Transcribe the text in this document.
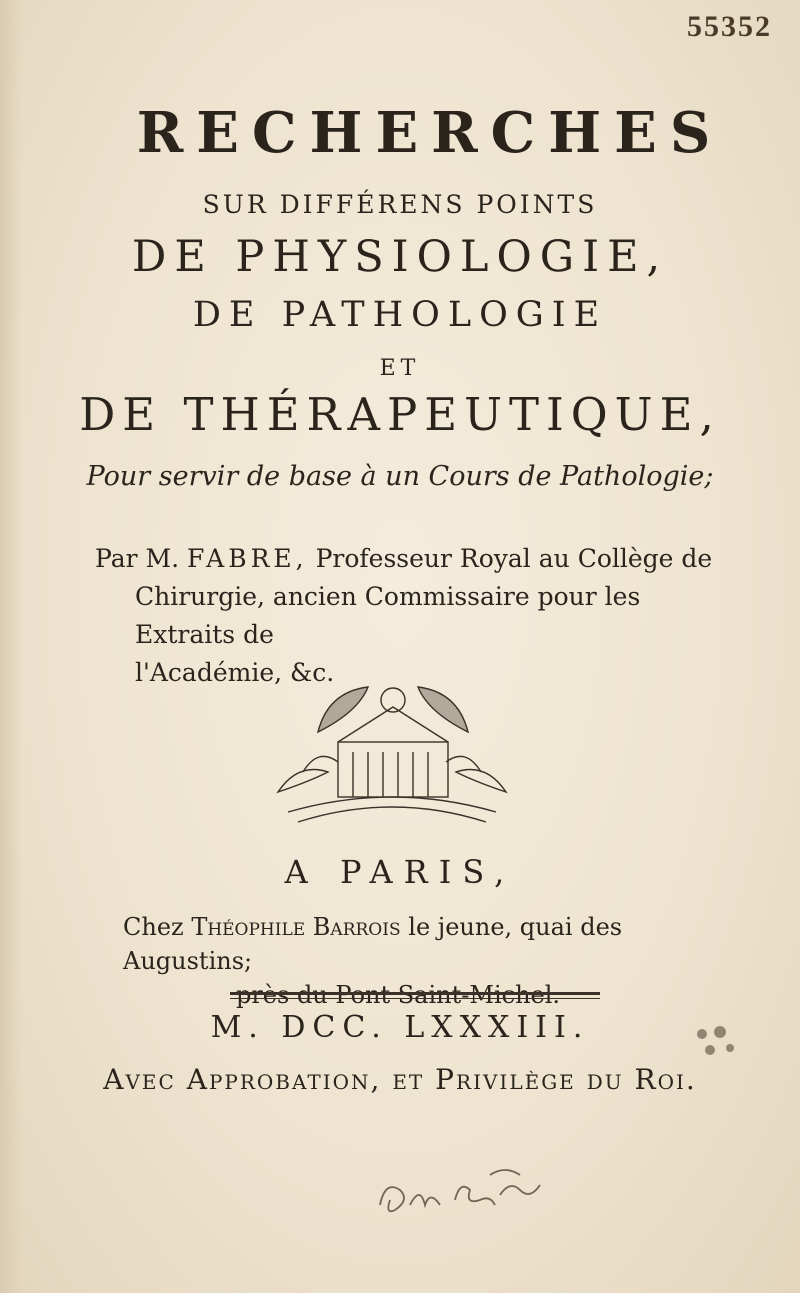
55352
RECHERCHES
SUR DIFFÉRENS POINTS
DE PHYSIOLOGIE,
DE PATHOLOGIE
ET
DE THÉRAPEUTIQUE,
Pour servir de base à un Cours de Pathologie;
Par M. FABRE, Professeur Royal au Collège de
Chirurgie, ancien Commissaire pour les Extraits de
l'Académie, &c.
A PARIS,
Chez Théophile Barrois le jeune, quai des Augustins;
près du Pont Saint-Michel.
M. DCC. LXXXIII.
Avec Approbation, et Privilège du Roi.
